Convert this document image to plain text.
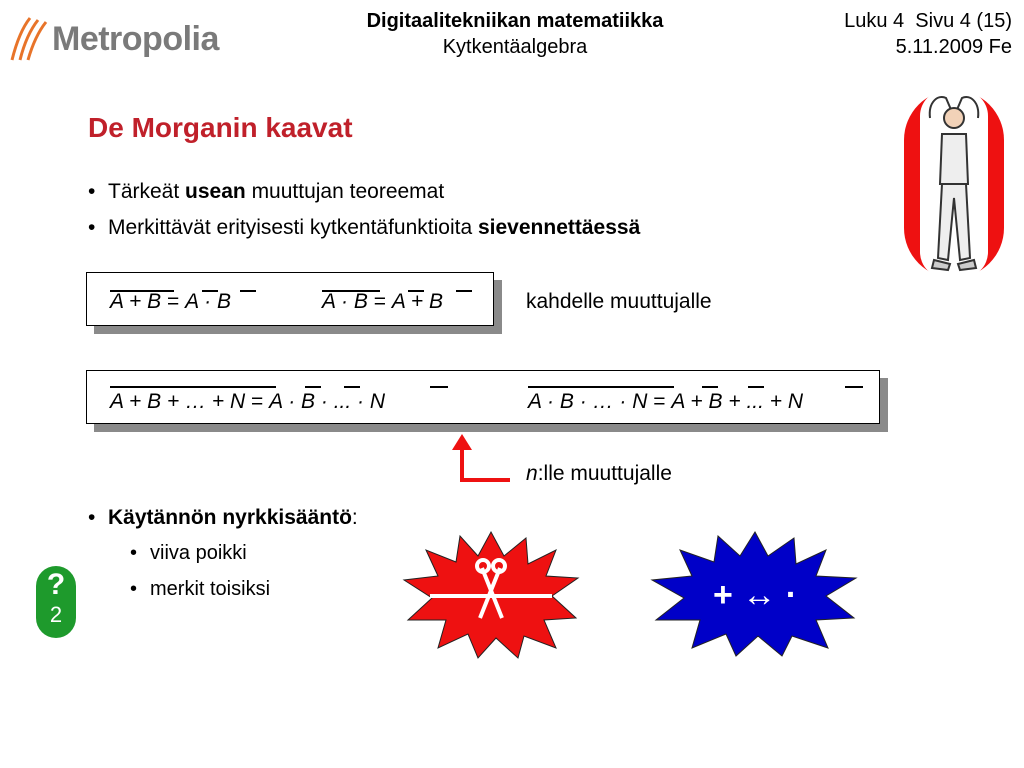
Metropolia	Digitaalitekniikan matematiikka
Kytkentäalgebra
Luku 4  Sivu 4 (15)
5.11.2009 Fe
De Morganin kaavat
• Tärkeät usean muuttujan teoreemat
• Merkittävät erityisesti kytkentäfunktioita sievennettäessä
A + B = A · B	A · B = A + B	kahdelle muuttujalle
A + B + … + N = A · B · ... · N	A · B · … · N = A + B + ... + N
n:lle muuttujalle
• Käytännön nyrkkisääntö:
• viiva poikki
• merkit toisiksi
?
2
+ ↔ ·
